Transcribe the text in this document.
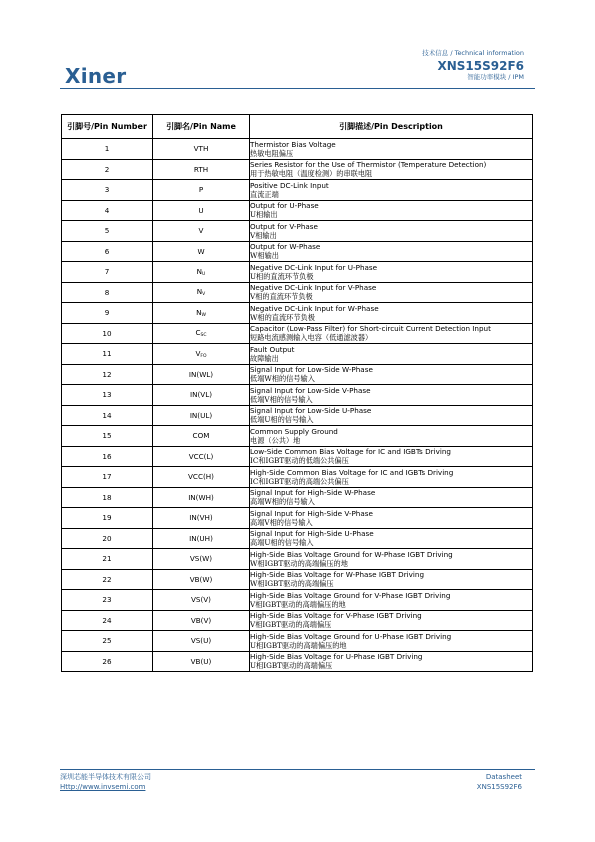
Xiner
技术信息 / Technical information
XNS15S92F6
智能功率模块 / IPM
引脚号/Pin Number	引脚名/Pin Name	引脚描述/Pin Description
1	VTH	Thermistor Bias Voltage
热敏电阻偏压

2	RTH	Series Resistor for the Use of Thermistor (Temperature Detection)
用于热敏电阻（温度检测）的串联电阻

3	P	Positive DC-Link Input
直流正端

4	U	Output for U-Phase
U相输出

5	V	Output for V-Phase
V相输出

6	W	Output for W-Phase
W相输出

7	$N_U$	Negative DC-Link Input for U-Phase
U相的直流环节负极

8	$N_V$	Negative DC-Link Input for V-Phase
V相的直流环节负极

9	$N_W$	Negative DC-Link Input for W-Phase
W相的直流环节负极

10	$C_{SC}$	Capacitor (Low-Pass Filter) for Short-circuit Current Detection Input
短路电流感测输入电容（低通滤波器）

11	$V_{FO}$	Fault Output
故障输出

12	IN(WL)	Signal Input for Low-Side W-Phase
低端W相的信号输入

13	IN(VL)	Signal Input for Low-Side V-Phase
低端V相的信号输入

14	IN(UL)	Signal Input for Low-Side U-Phase
低端U相的信号输入

15	COM	Common Supply Ground
电源（公共）地

16	VCC(L)	Low-Side Common Bias Voltage for IC and IGBTs Driving
IC和IGBT驱动的低端公共偏压

17	VCC(H)	High-Side Common Bias Voltage for IC and IGBTs Driving
IC和IGBT驱动的高端公共偏压

18	IN(WH)	Signal Input for High-Side W-Phase
高端W相的信号输入

19	IN(VH)	Signal Input for High-Side V-Phase
高端V相的信号输入

20	IN(UH)	Signal Input for High-Side U-Phase
高端U相的信号输入

21	VS(W)	High-Side Bias Voltage Ground for W-Phase IGBT Driving
W相IGBT驱动的高端偏压的地

22	VB(W)	High-Side Bias Voltage for W-Phase IGBT Driving
W相IGBT驱动的高端偏压

23	VS(V)	High-Side Bias Voltage Ground for V-Phase IGBT Driving
V相IGBT驱动的高端偏压的地

24	VB(V)	High-Side Bias Voltage for V-Phase IGBT Driving
V相IGBT驱动的高端偏压

25	VS(U)	High-Side Bias Voltage Ground for U-Phase IGBT Driving
U相IGBT驱动的高端偏压的地

26	VB(U)	High-Side Bias Voltage for U-Phase IGBT Driving
U相IGBT驱动的高端偏压
深圳芯能半导体技术有限公司
Http://www.invsemi.com
Datasheet
XNS15S92F6
